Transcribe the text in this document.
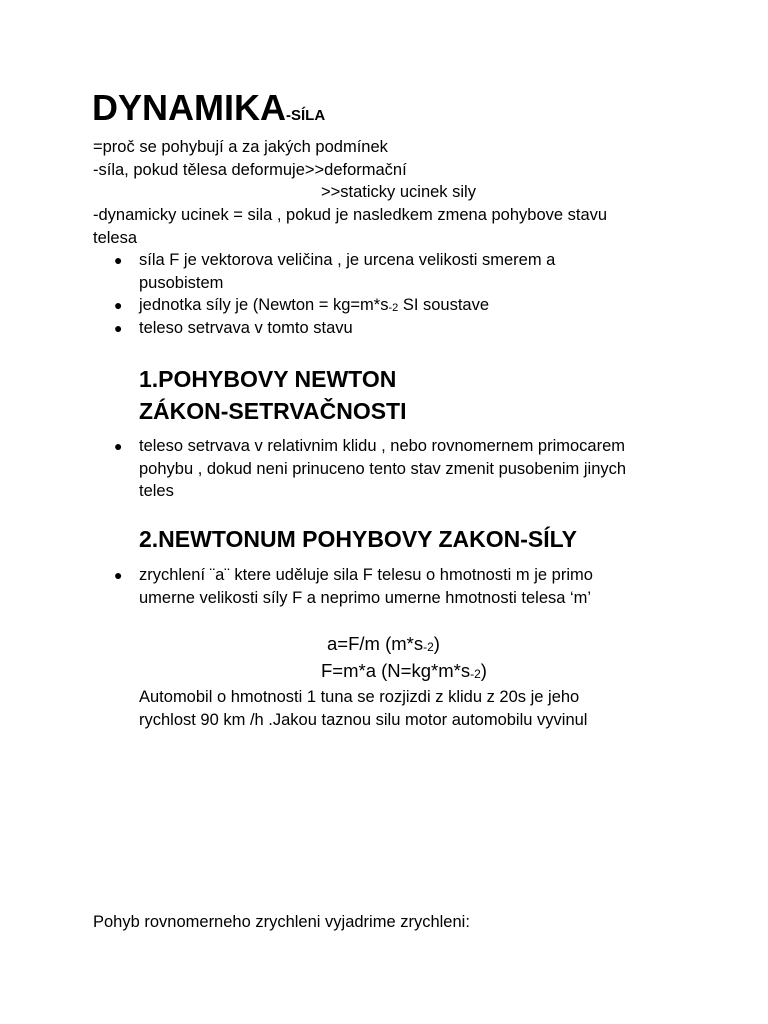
DYNAMIKA-SÍLA
=proč se pohybují a za jakých podmínek
-síla, pokud tělesa deformuje>>deformační
>>staticky ucinek sily
-dynamicky ucinek = sila , pokud je nasledkem zmena pohybove stavu
telesa
● síla F je vektorova veličina , je urcena velikosti smerem a
pusobistem
● jednotka síly je (Newton = kg=m*s-2 SI soustave
● teleso setrvava v tomto stavu
1.POHYBOVY NEWTON
ZÁKON-SETRVAČNOSTI
● teleso setrvava v relativnim klidu , nebo rovnomernem primocarem
pohybu , dokud neni prinuceno tento stav zmenit pusobenim jinych
teles
2.NEWTONUM POHYBOVY ZAKON-SÍLY
● zrychlení ¨a¨ ktere uděluje sila F telesu o hmotnosti m je primo
umerne velikosti síly F a neprimo umerne hmotnosti telesa ‘m’
a=F/m (m*s-2)
F=m*a (N=kg*m*s-2)
Automobil o hmotnosti 1 tuna se rozjizdi z klidu z 20s je jeho
rychlost 90 km /h .Jakou taznou silu motor automobilu vyvinul
Pohyb rovnomerneho zrychleni vyjadrime zrychleni:
